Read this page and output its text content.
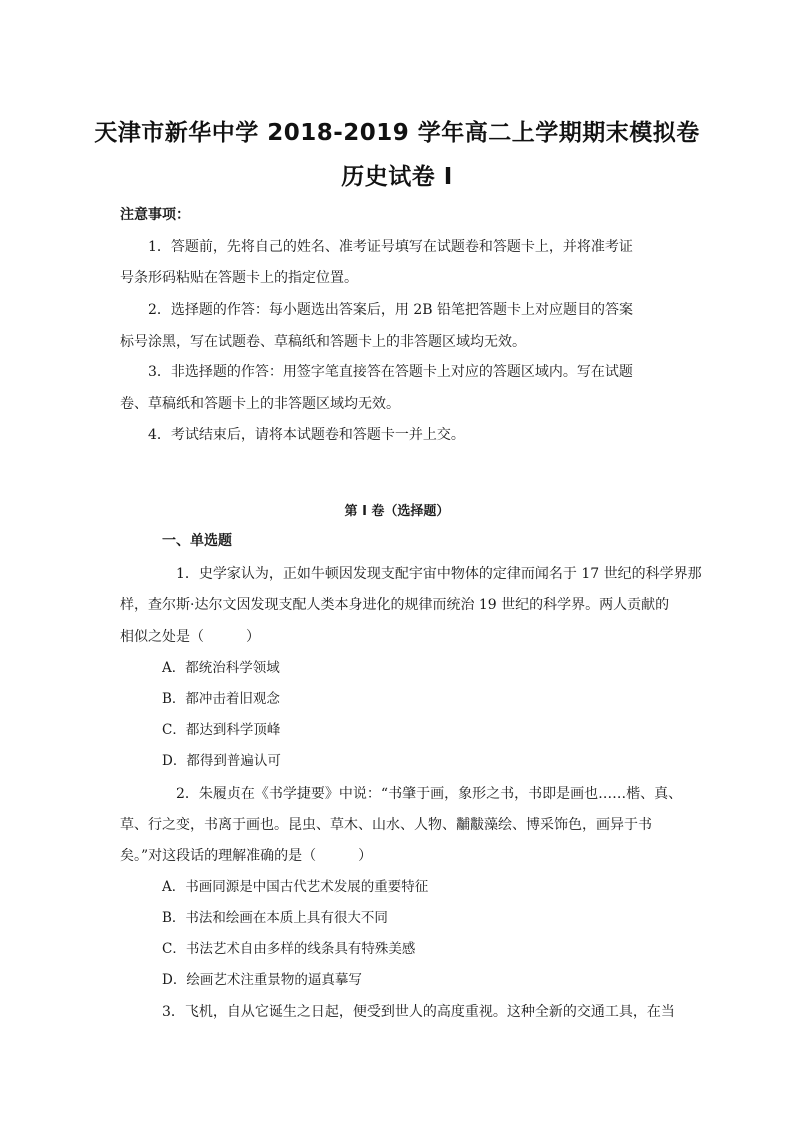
天津市新华中学 2018-2019 学年高二上学期期末模拟卷
历史试卷 I
注意事项：
1．答题前，先将自己的姓名、准考证号填写在试题卷和答题卡上，并将准考证
号条形码粘贴在答题卡上的指定位置。
2．选择题的作答：每小题选出答案后，用 2B 铅笔把答题卡上对应题目的答案
标号涂黑，写在试题卷、草稿纸和答题卡上的非答题区域均无效。
3．非选择题的作答：用签字笔直接答在答题卡上对应的答题区域内。写在试题
卷、草稿纸和答题卡上的非答题区域均无效。
4．考试结束后，请将本试题卷和答题卡一并上交。
第 I 卷（选择题）
一、单选题
1．史学家认为，正如牛顿因发现支配宇宙中物体的定律而闻名于 17 世纪的科学界那
样，查尔斯·达尔文因发现支配人类本身进化的规律而统治 19 世纪的科学界。两人贡献的
相似之处是（　　　）
A．都统治科学领域
B．都冲击着旧观念
C．都达到科学顶峰
D．都得到普遍认可
2．朱履贞在《书学捷要》中说：“书肇于画，象形之书，书即是画也……楷、真、
草、行之变，书离于画也。昆虫、草木、山水、人物、黼黻藻绘、博采饰色，画异于书
矣。”对这段话的理解准确的是（　　　）
A．书画同源是中国古代艺术发展的重要特征
B．书法和绘画在本质上具有很大不同
C．书法艺术自由多样的线条具有特殊美感
D．绘画艺术注重景物的逼真摹写
3．飞机，自从它诞生之日起，便受到世人的高度重视。这种全新的交通工具，在当
